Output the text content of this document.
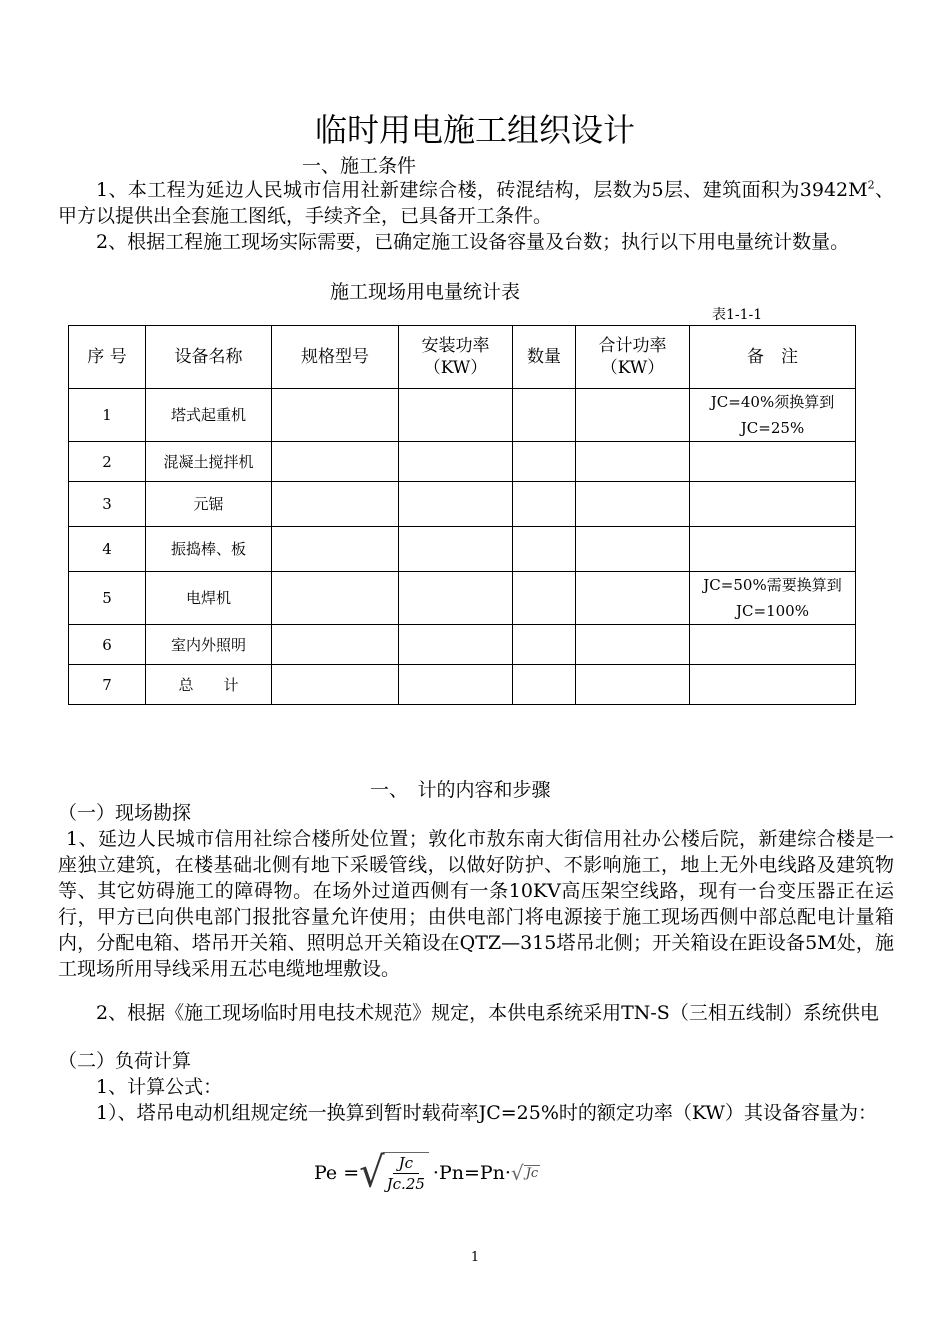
临时用电施工组织设计
一、施工条件
1、本工程为延边人民城市信用社新建综合楼，砖混结构，层数为5层、建筑面积为$3942M^2$、甲方以提供出全套施工图纸，手续齐全，已具备开工条件。
2、根据工程施工现场实际需要，已确定施工设备容量及台数；执行以下用电量统计数量。
施工现场用电量统计表
表1-1-1
序 号	设备名称	规格型号	安装功率（KW）	数量	合计功率（KW）	备　注
1	塔式起重机					JC=40%须换算到JC=25%
2	混凝土搅拌机					
3	元锯					
4	振捣棒、板					
5	电焊机					JC=50%需要换算到JC=100%
6	室内外照明					
7	总　　计					
一、　计的内容和步骤
（一）现场勘探
1、延边人民城市信用社综合楼所处位置；敦化市敖东南大街信用社办公楼后院，新建综合楼是一座独立建筑，在楼基础北侧有地下采暖管线，以做好防护、不影响施工，地上无外电线路及建筑物等、其它妨碍施工的障碍物。在场外过道西侧有一条10KV高压架空线路，现有一台变压器正在运行，甲方已向供电部门报批容量允许使用；由供电部门将电源接于施工现场西侧中部总配电计量箱内，分配电箱、塔吊开关箱、照明总开关箱设在QTZ—315塔吊北侧；开关箱设在距设备5M处，施工现场所用导线采用五芯电缆地埋敷设。
2、根据《施工现场临时用电技术规范》规定，本供电系统采用TN-S（三相五线制）系统供电
（二）负荷计算
1、计算公式：
1）、塔吊电动机组规定统一换算到暂时载荷率JC=25%时的额定功率（KW）其设备容量为：
Pe = √
$\frac{Jc}{Jc.25} \cdot Pn=Pn\cdot$ √ Jc
1
